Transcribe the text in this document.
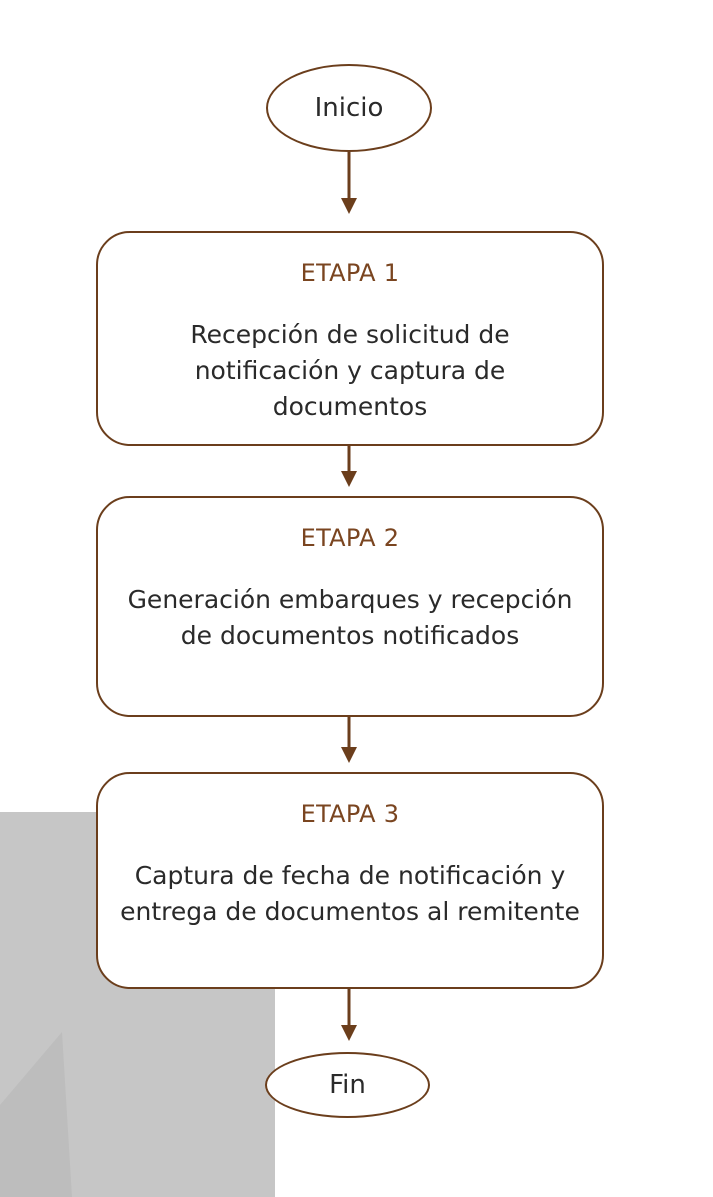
Inicio
ETAPA 1
Recepción de solicitud de notificación y captura de documentos
ETAPA 2
Generación embarques y recepción de documentos notificados
ETAPA 3
Captura de fecha de notificación y entrega de documentos al remitente
Fin
